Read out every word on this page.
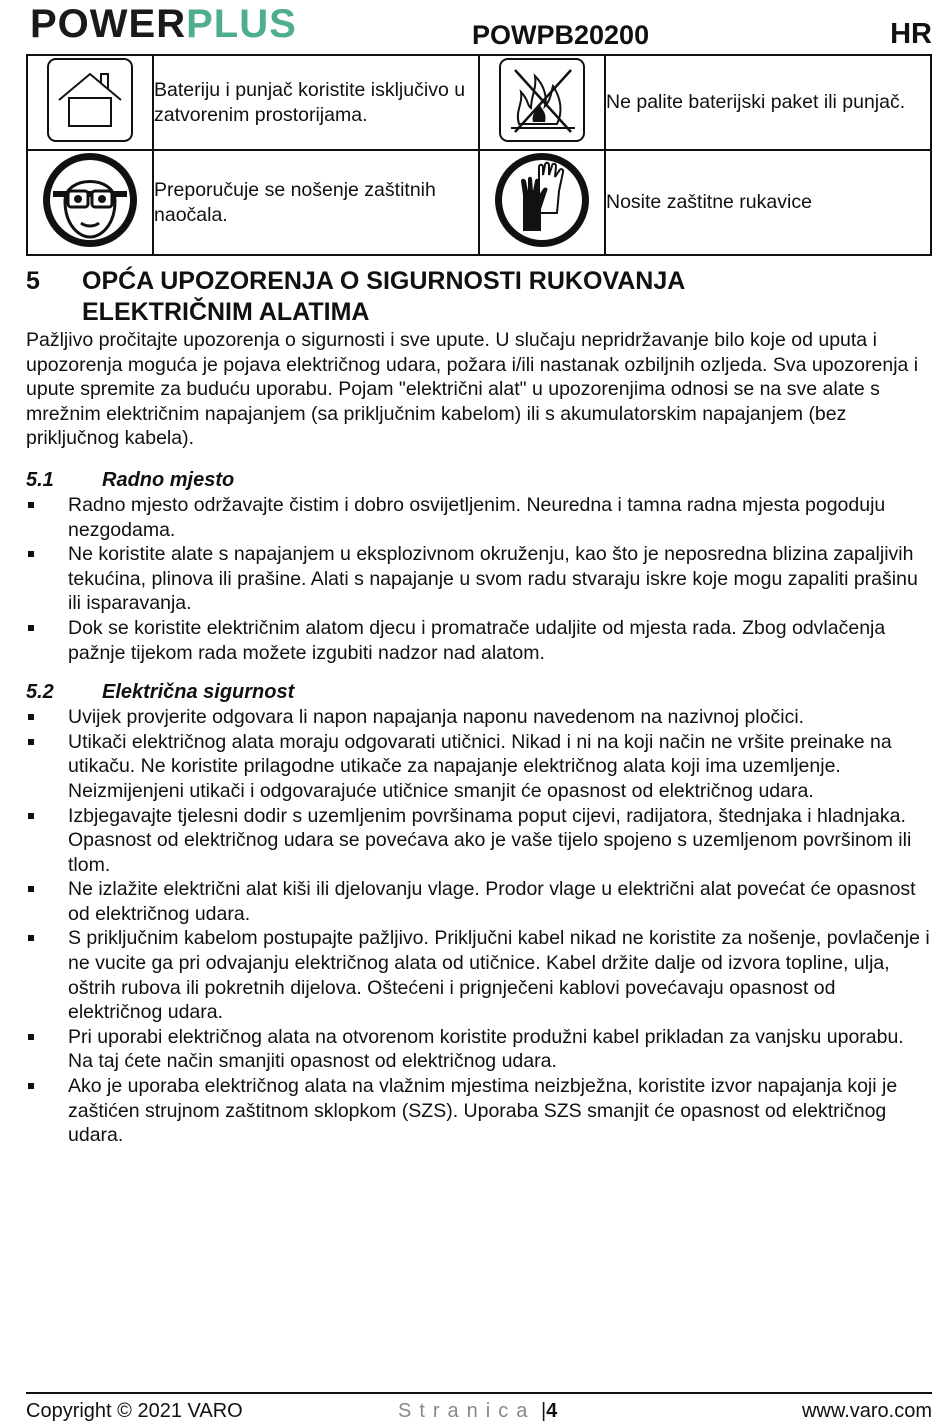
POWERPLUS	POWPB20200	HR
	Bateriju i punjač koristite isključivo u zatvorenim prostorijama.		Ne palite baterijski paket ili punjač.
	Preporučuje se nošenje zaštitnih naočala.		Nosite zaštitne rukavice
5 OPĆA UPOZORENJA O SIGURNOSTI RUKOVANJA
ELEKTRIČNIM ALATIMA

Pažljivo pročitajte upozorenja o sigurnosti i sve upute. U slučaju nepridržavanje bilo koje od uputa i upozorenja moguća je pojava električnog udara, požara i/ili nastanak ozbiljnih ozljeda. Sva upozorenja i upute spremite za buduću uporabu. Pojam "električni alat" u upozorenjima odnosi se na sve alate s mrežnim električnim napajanjem (sa priključnim kabelom) ili s akumulatorskim napajanjem (bez priključnog kabela).

5.1 Radno mjesto
Radno mjesto održavajte čistim i dobro osvijetljenim. Neuredna i tamna radna mjesta pogoduju nezgodama.
Ne koristite alate s napajanjem u eksplozivnom okruženju, kao što je neposredna blizina zapaljivih tekućina, plinova ili prašine. Alati s napajanje u svom radu stvaraju iskre koje mogu zapaliti prašinu ili isparavanja.
Dok se koristite električnim alatom djecu i promatrače udaljite od mjesta rada. Zbog odvlačenja pažnje tijekom rada možete izgubiti nadzor nad alatom.
5.2 Električna sigurnost
Uvijek provjerite odgovara li napon napajanja naponu navedenom na nazivnoj pločici.
Utikači električnog alata moraju odgovarati utičnici. Nikad i ni na koji način ne vršite preinake na utikaču. Ne koristite prilagodne utikače za napajanje električnog alata koji ima uzemljenje. Neizmijenjeni utikači i odgovarajuće utičnice smanjit će opasnost od električnog udara.
Izbjegavajte tjelesni dodir s uzemljenim površinama poput cijevi, radijatora, štednjaka i hladnjaka. Opasnost od električnog udara se povećava ako je vaše tijelo spojeno s uzemljenom površinom ili tlom.
Ne izlažite električni alat kiši ili djelovanju vlage. Prodor vlage u električni alat povećat će opasnost od električnog udara.
S priključnim kabelom postupajte pažljivo. Priključni kabel nikad ne koristite za nošenje, povlačenje i ne vucite ga pri odvajanju električnog alata od utičnice. Kabel držite dalje od izvora topline, ulja, oštrih rubova ili pokretnih dijelova. Oštećeni i prignječeni kablovi povećavaju opasnost od električnog udara.
Pri uporabi električnog alata na otvorenom koristite produžni kabel prikladan za vanjsku uporabu. Na taj ćete način smanjiti opasnost od električnog udara.
Ako je uporaba električnog alata na vlažnim mjestima neizbježna, koristite izvor napajanja koji je zaštićen strujnom zaštitnom sklopkom (SZS). Uporaba SZS smanjit će opasnost od električnog udara.
Copyright © 2021 VARO	Stranica |4	www.varo.com
